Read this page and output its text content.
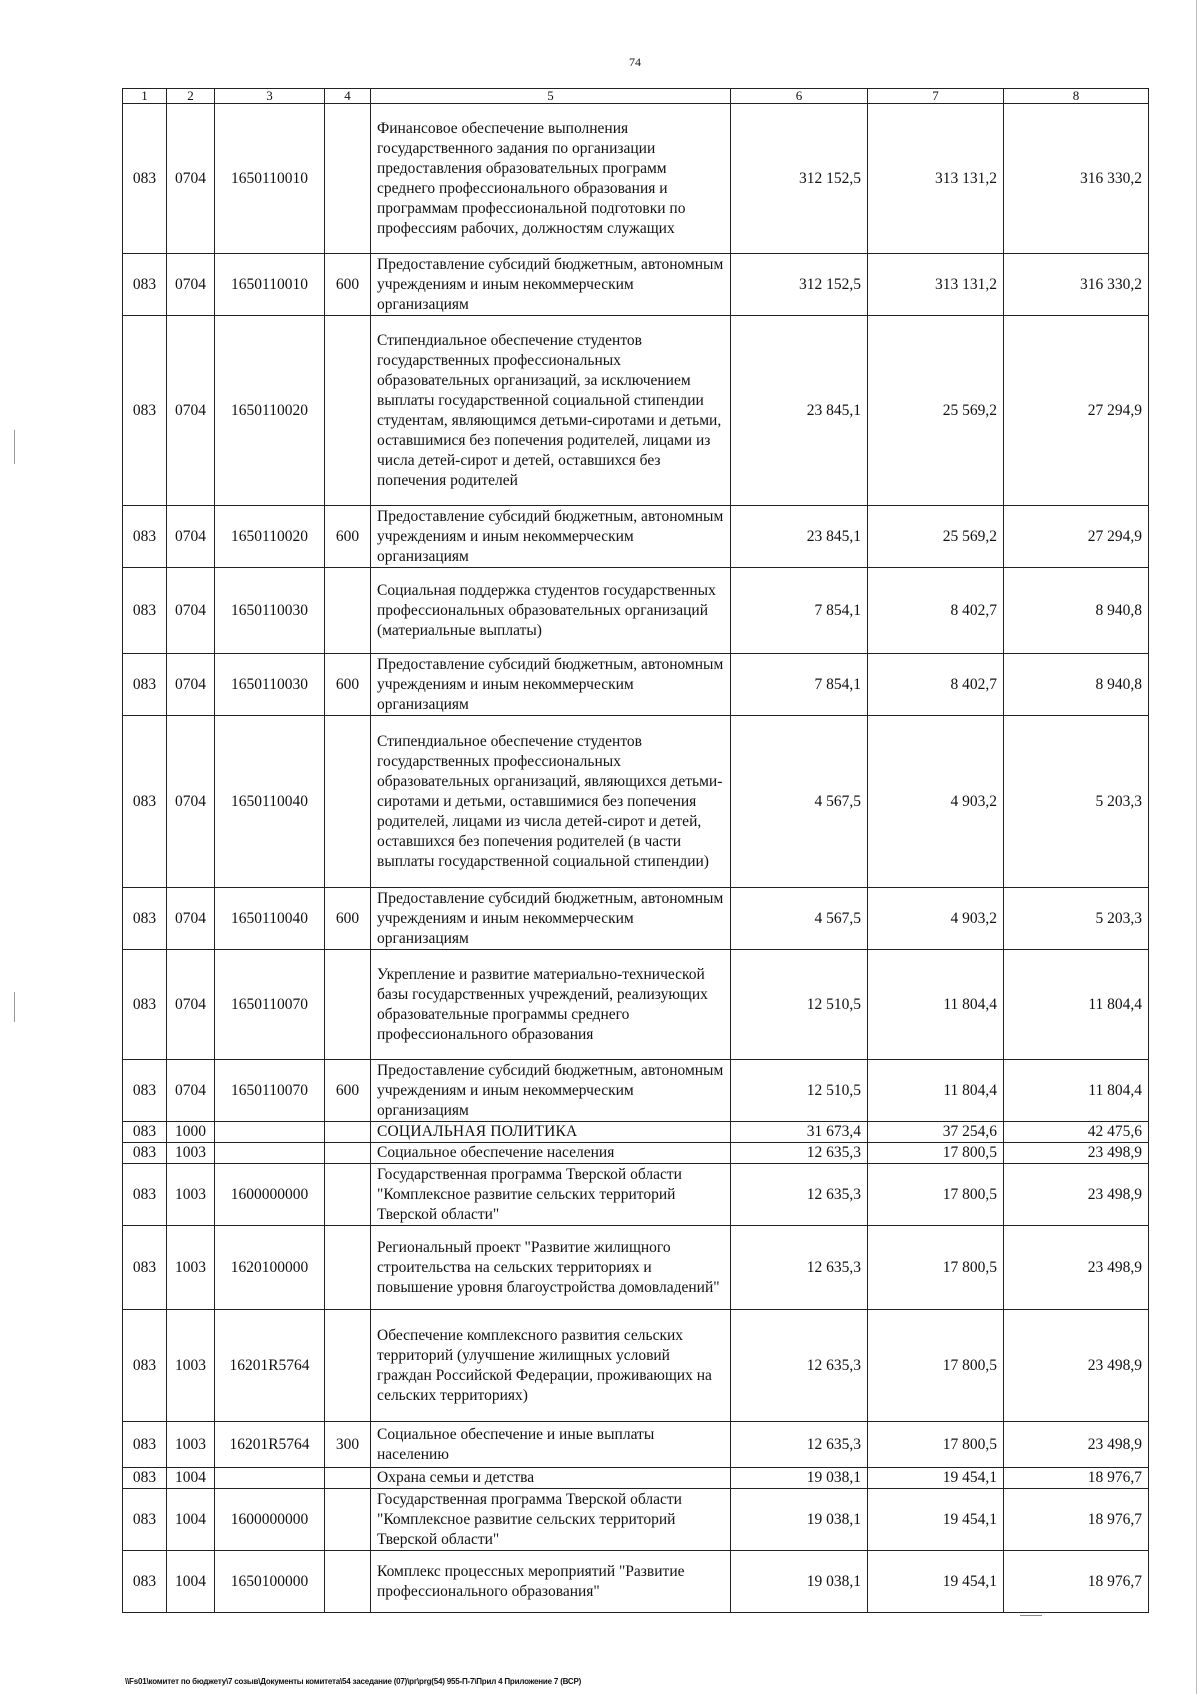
74
1	2	3	4	5	6	7	8
083	0704	1650110010		Финансовое обеспечение выполнения государственного задания по организации предоставления образовательных программ среднего профессионального образования и программам профессиональной подготовки по профессиям рабочих, должностям служащих	312 152,5	313 131,2	316 330,2
083	0704	1650110010	600	Предоставление субсидий бюджетным, автономным учреждениям и иным некоммерческим организациям	312 152,5	313 131,2	316 330,2
083	0704	1650110020		Стипендиальное обеспечение студентов государственных профессиональных образовательных организаций, за исключением выплаты государственной социальной стипендии студентам, являющимся детьми-сиротами и детьми, оставшимися без попечения родителей, лицами из числа детей-сирот и детей, оставшихся без попечения родителей	23 845,1	25 569,2	27 294,9
083	0704	1650110020	600	Предоставление субсидий бюджетным, автономным учреждениям и иным некоммерческим организациям	23 845,1	25 569,2	27 294,9
083	0704	1650110030		Социальная поддержка студентов государственных профессиональных образовательных организаций (материальные выплаты)	7 854,1	8 402,7	8 940,8
083	0704	1650110030	600	Предоставление субсидий бюджетным, автономным учреждениям и иным некоммерческим организациям	7 854,1	8 402,7	8 940,8
083	0704	1650110040		Стипендиальное обеспечение студентов государственных профессиональных образовательных организаций, являющихся детьми-сиротами и детьми, оставшимися без попечения родителей, лицами из числа детей-сирот и детей, оставшихся без попечения родителей (в части выплаты государственной социальной стипендии)	4 567,5	4 903,2	5 203,3
083	0704	1650110040	600	Предоставление субсидий бюджетным, автономным учреждениям и иным некоммерческим организациям	4 567,5	4 903,2	5 203,3
083	0704	1650110070		Укрепление и развитие материально-технической базы государственных учреждений, реализующих образовательные программы среднего профессионального образования	12 510,5	11 804,4	11 804,4
083	0704	1650110070	600	Предоставление субсидий бюджетным, автономным учреждениям и иным некоммерческим организациям	12 510,5	11 804,4	11 804,4
083	1000			СОЦИАЛЬНАЯ ПОЛИТИКА	31 673,4	37 254,6	42 475,6
083	1003			Социальное обеспечение населения	12 635,3	17 800,5	23 498,9
083	1003	1600000000		Государственная программа Тверской области "Комплексное развитие сельских территорий Тверской области"	12 635,3	17 800,5	23 498,9
083	1003	1620100000		Региональный проект "Развитие жилищного строительства на сельских территориях и повышение уровня благоустройства домовладений"	12 635,3	17 800,5	23 498,9
083	1003	16201R5764		Обеспечение комплексного развития сельских территорий (улучшение жилищных условий граждан Российской Федерации, проживающих на сельских территориях)	12 635,3	17 800,5	23 498,9
083	1003	16201R5764	300	Социальное обеспечение и иные выплаты населению	12 635,3	17 800,5	23 498,9
083	1004			Охрана семьи и детства	19 038,1	19 454,1	18 976,7
083	1004	1600000000		Государственная программа Тверской области "Комплексное развитие сельских территорий Тверской области"	19 038,1	19 454,1	18 976,7
083	1004	1650100000		Комплекс процессных мероприятий "Развитие профессионального образования"	19 038,1	19 454,1	18 976,7
\\Fs01\комитет по бюджету\7 созыв\Документы комитета\54 заседание (07)\рг\prg(54) 955-П-7\Прил 4 Приложение 7 (ВСР)
